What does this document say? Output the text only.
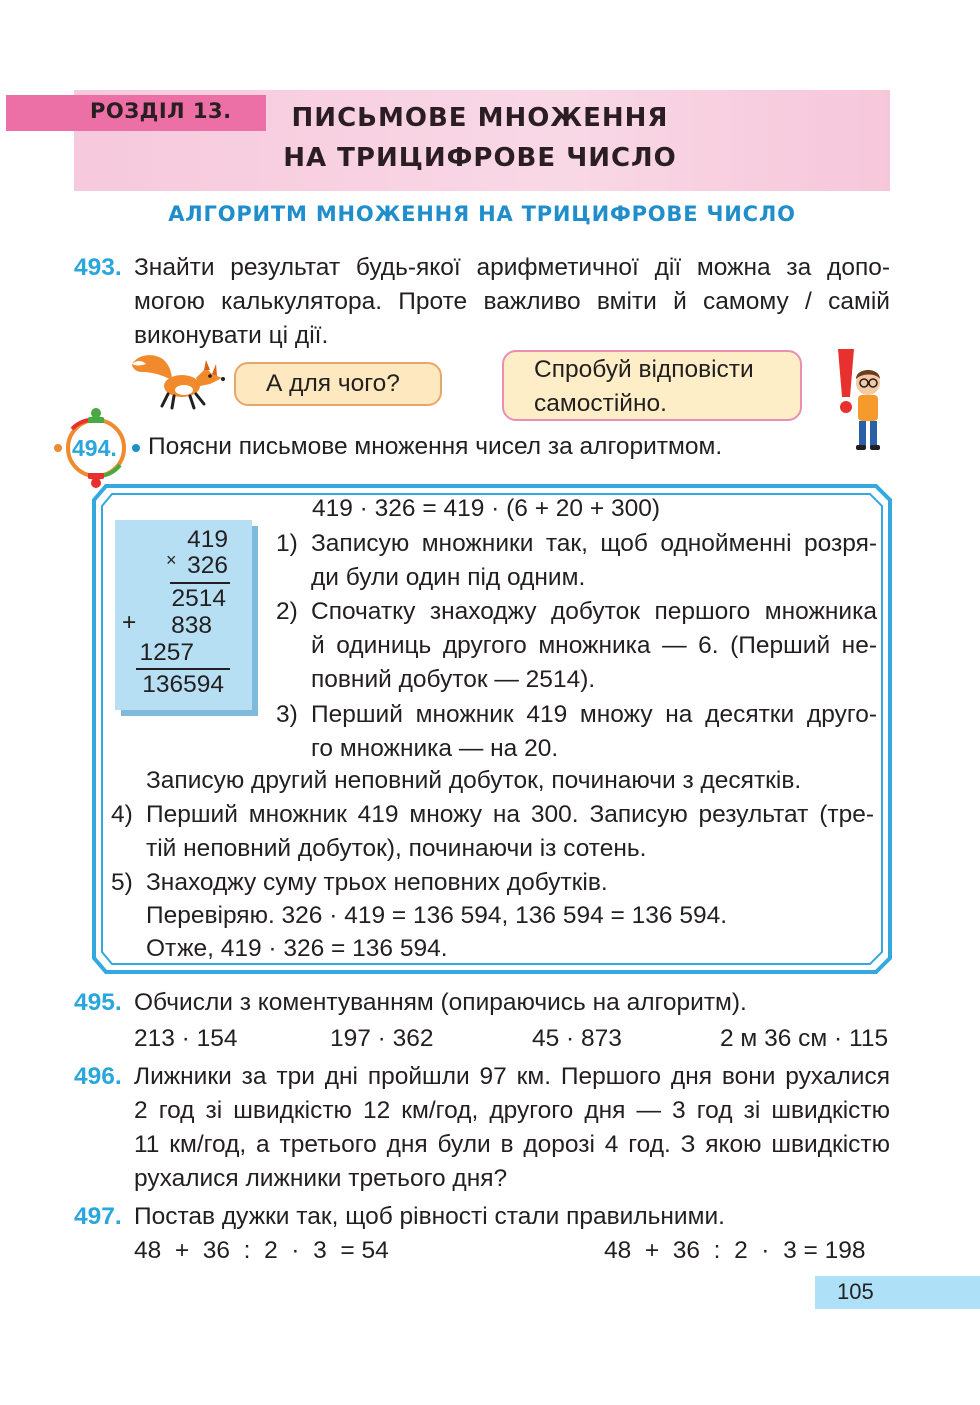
РОЗДІЛ 13.	ПИСЬМОВЕ МНОЖЕННЯ
НА ТРИЦИФРОВЕ ЧИСЛО
АЛГОРИТМ МНОЖЕННЯ НА ТРИЦИФРОВЕ ЧИСЛО
493. Знайти результат будь-якої арифметичної дії можна за допо-
могою калькулятора. Проте важливо вміти й самому / самій
виконувати ці дії.
А для чого?
Спробуй відповісти
самостійно.
494. Поясни письмове множення чисел за алгоритмом.
419
× 326
2514
+	838
1257
136594
419 · 326 = 419 · (6 + 20 + 300)
1) Записую множники так, щоб однойменні розря-
ди були один під одним.
2) Спочатку знаходжу добуток першого множника
й одиниць другого множника — 6. (Перший не-
повний добуток — 2514).
3) Перший множник 419 множу на десятки друго-
го множника — на 20.
Записую другий неповний добуток, починаючи з десятків.
4) Перший множник 419 множу на 300. Записую результат (тре-
тій неповний добуток), починаючи із сотень.
5) Знаходжу суму трьох неповних добутків.
Перевіряю. 326 · 419 = 136 594, 136 594 = 136 594.
Отже, 419 · 326 = 136 594.
495. Обчисли з коментуванням (опираючись на алгоритм).
213 · 154	197 · 362	45 · 873	2 м 36 см · 115
496. Лижники за три дні пройшли 97 км. Першого дня вони рухалися
2 год зі швидкістю 12 км/год, другого дня — 3 год зі швидкістю
11 км/год, а третього дня були в дорозі 4 год. З якою швидкістю
рухалися лижники третього дня?
497. Постав дужки так, щоб рівності стали правильними.
48  +  36  :  2  ·  3  = 54	48  +  36  :  2  ·  3 = 198
105
